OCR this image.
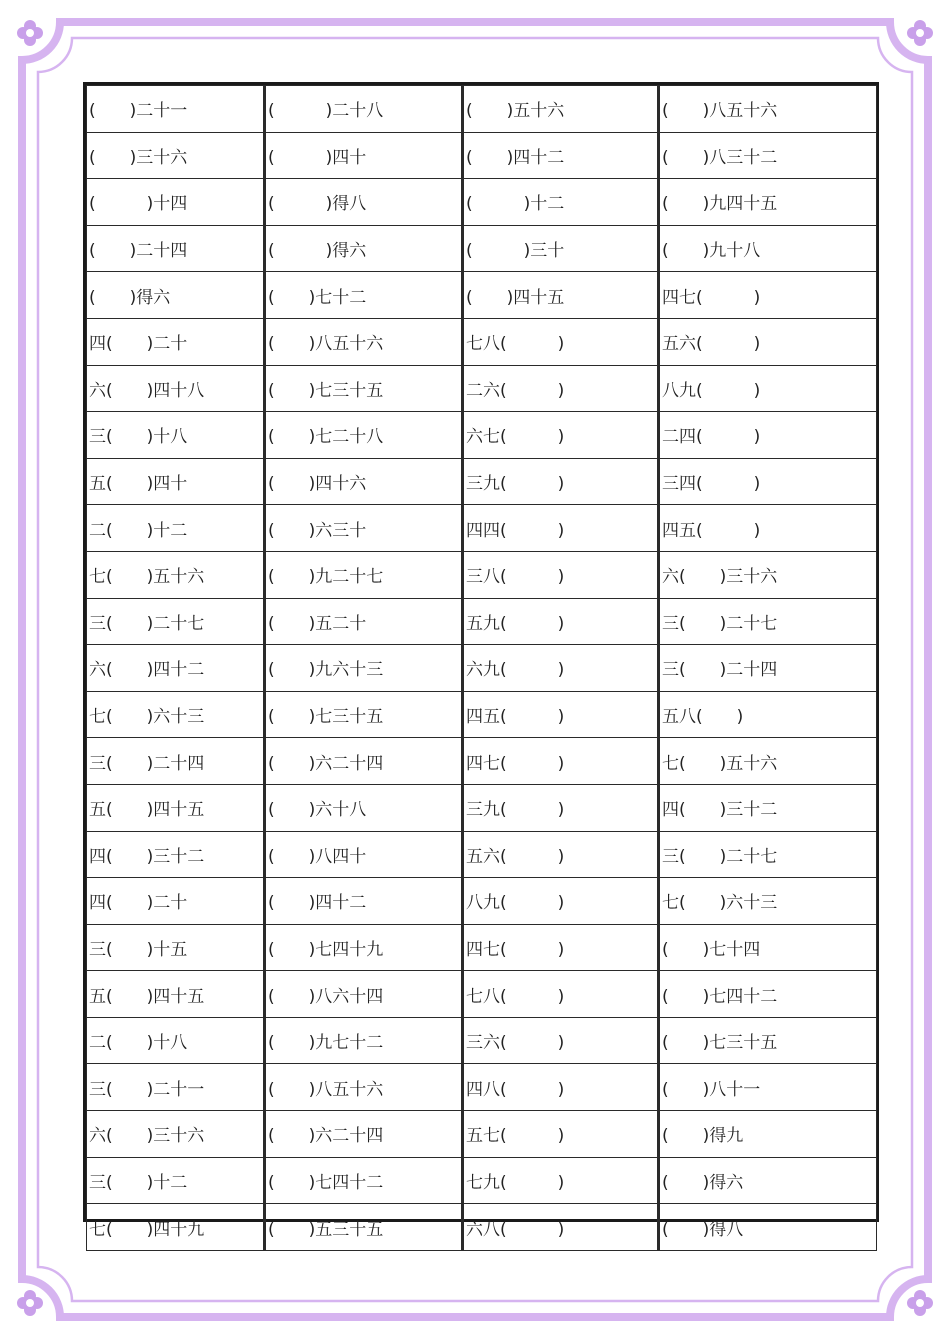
(　　)二十一	(　　　)二十八	(　　)五十六	(　　)八五十六
(　　)三十六	(　　　)四十	(　　)四十二	(　　)八三十二
(　　　)十四	(　　　)得八	(　　　)十二	(　　)九四十五
(　　)二十四	(　　　)得六	(　　　)三十	(　　)九十八
(　　)得六	(　　)七十二	(　　)四十五	四七(　　　)
四(　　)二十	(　　)八五十六	七八(　　　)	五六(　　　)
六(　　)四十八	(　　)七三十五	二六(　　　)	八九(　　　)
三(　　)十八	(　　)七二十八	六七(　　　)	二四(　　　)
五(　　)四十	(　　)四十六	三九(　　　)	三四(　　　)
二(　　)十二	(　　)六三十	四四(　　　)	四五(　　　)
七(　　)五十六	(　　)九二十七	三八(　　　)	六(　　)三十六
三(　　)二十七	(　　)五二十	五九(　　　)	三(　　)二十七
六(　　)四十二	(　　)九六十三	六九(　　　)	三(　　)二十四
七(　　)六十三	(　　)七三十五	四五(　　　)	五八(　　)
三(　　)二十四	(　　)六二十四	四七(　　　)	七(　　)五十六
五(　　)四十五	(　　)六十八	三九(　　　)	四(　　)三十二
四(　　)三十二	(　　)八四十	五六(　　　)	三(　　)二十七
四(　　)二十	(　　)四十二	八九(　　　)	七(　　)六十三
三(　　)十五	(　　)七四十九	四七(　　　)	(　　)七十四
五(　　)四十五	(　　)八六十四	七八(　　　)	(　　)七四十二
二(　　)十八	(　　)九七十二	三六(　　　)	(　　)七三十五
三(　　)二十一	(　　)八五十六	四八(　　　)	(　　)八十一
六(　　)三十六	(　　)六二十四	五七(　　　)	(　　)得九
三(　　)十二	(　　)七四十二	七九(　　　)	(　　)得六
七(　　)四十九	(　　)五三十五	六八(　　　)	(　　)得八
